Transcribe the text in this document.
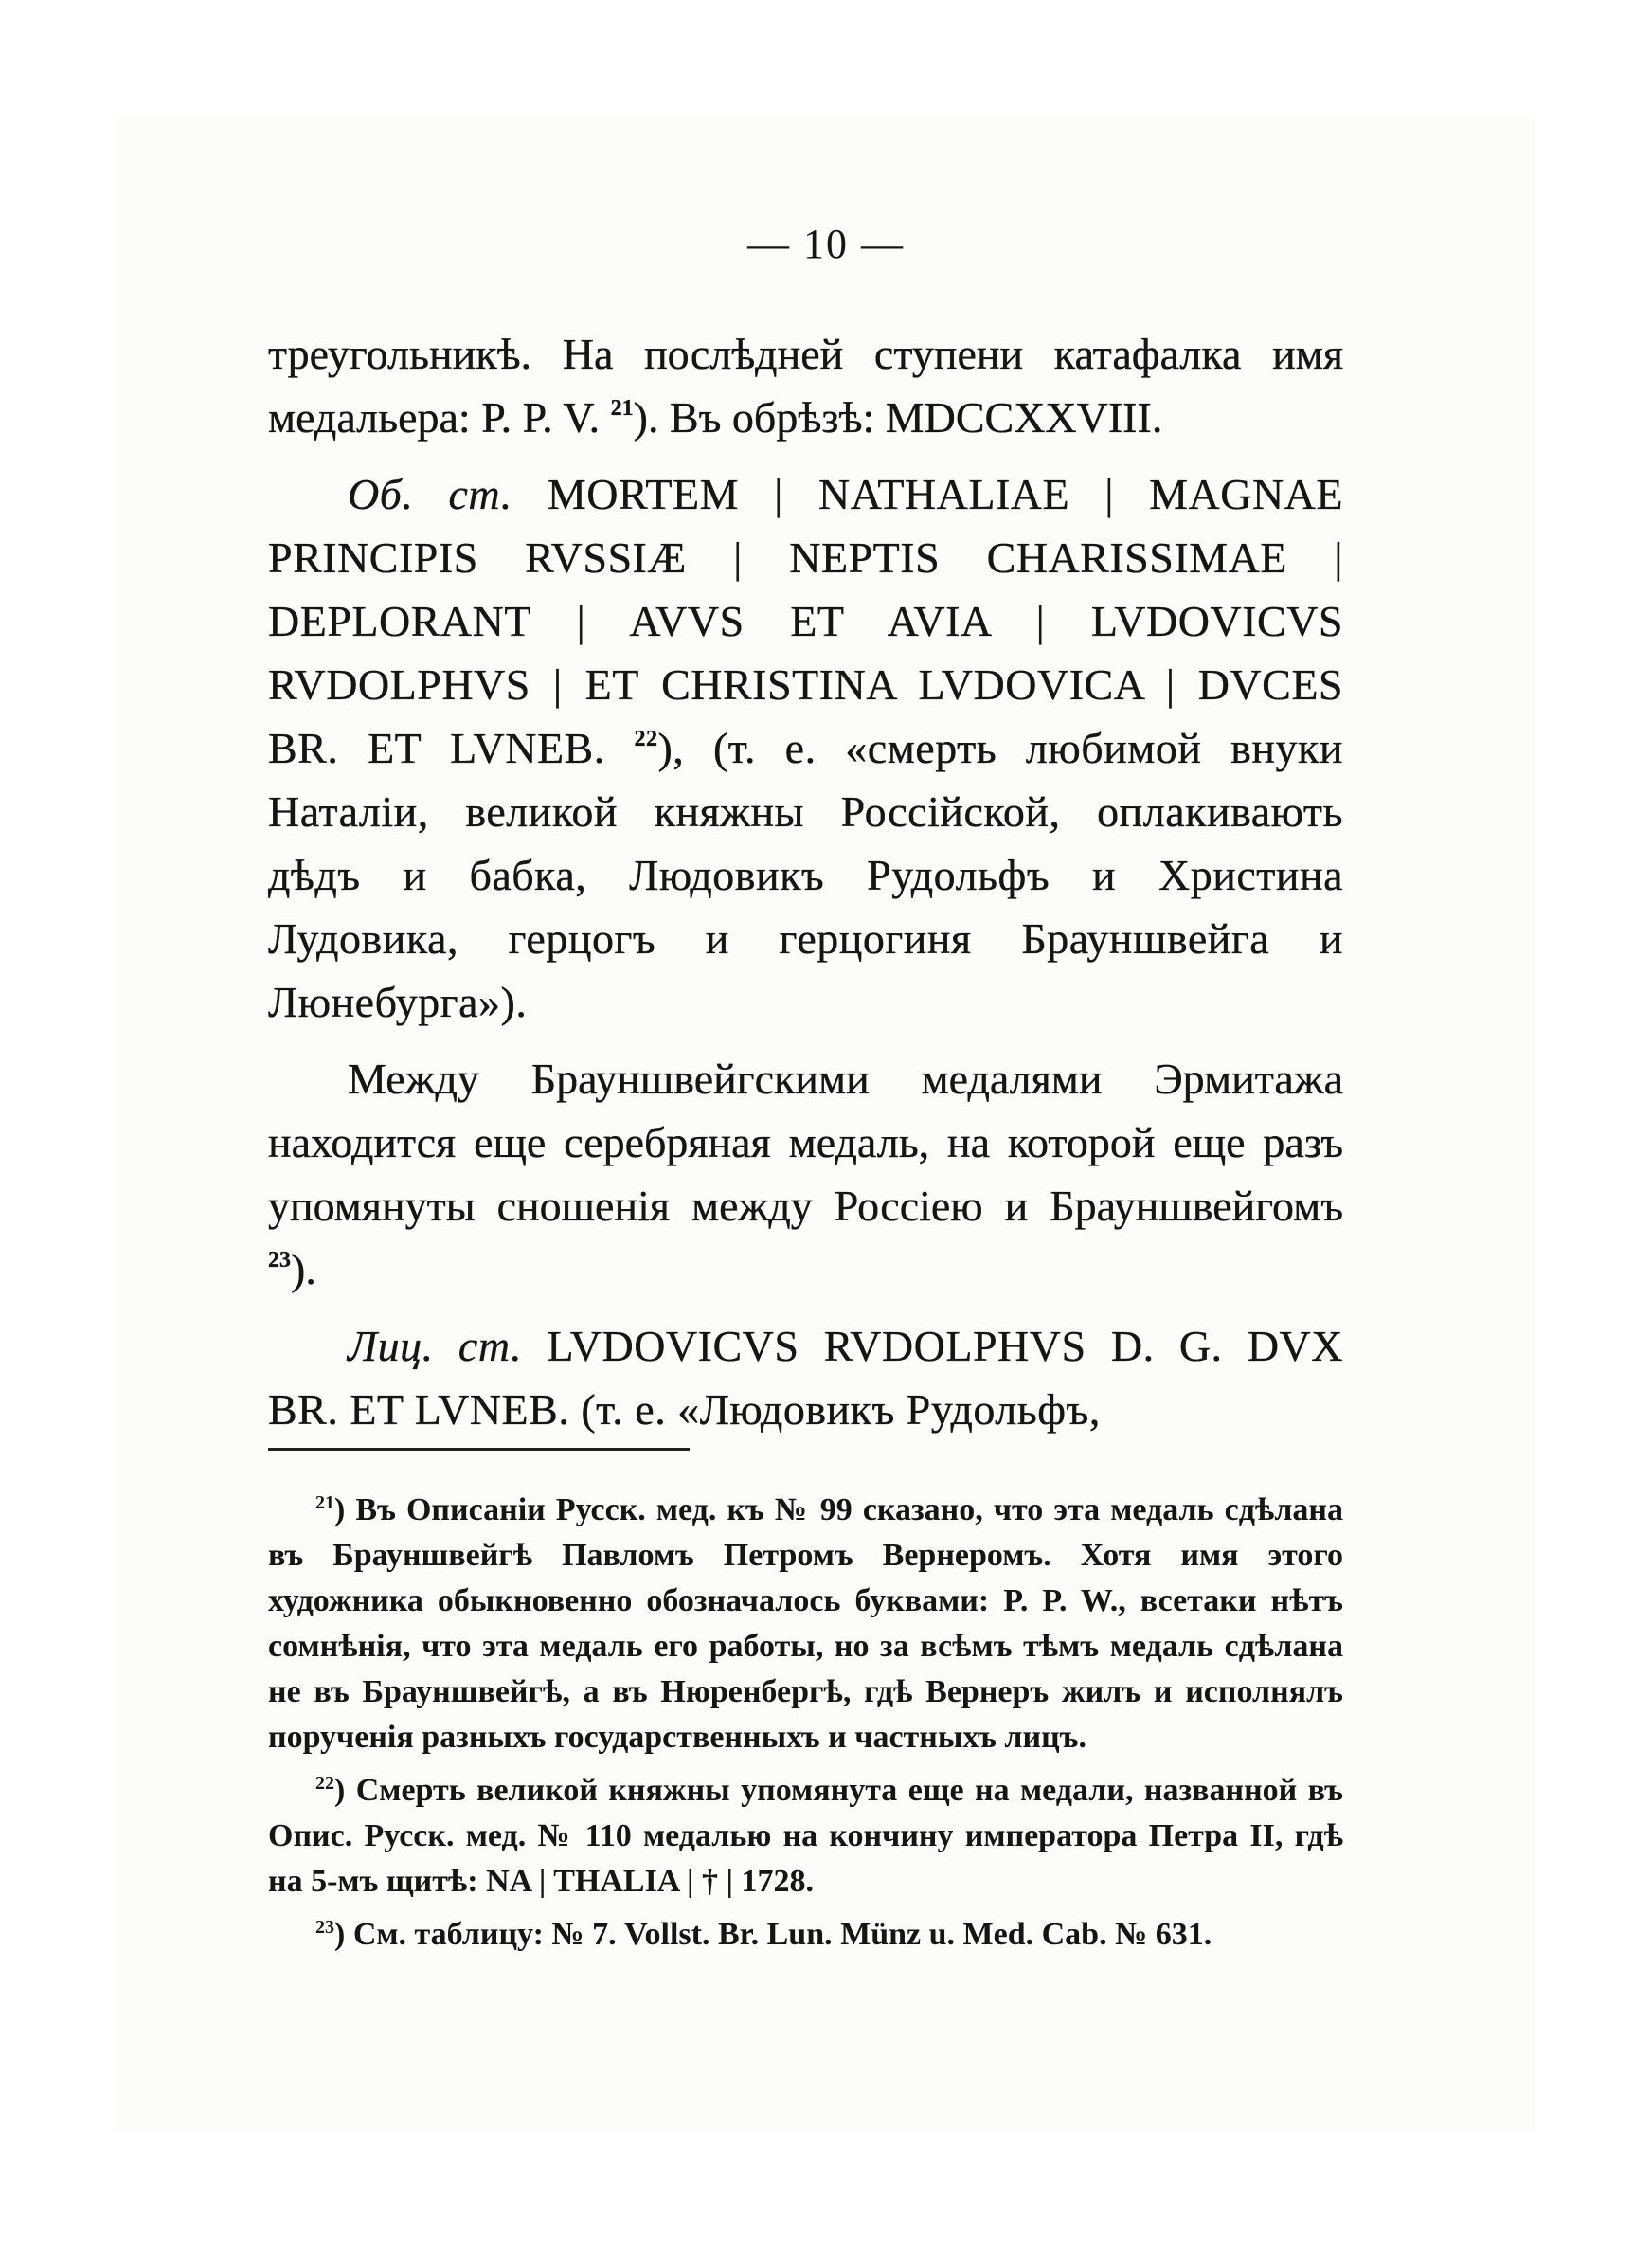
— 10 —

треугольникѣ. На послѣдней ступени катафалка имя медальера: P. P. V. $^{21}$). Въ обрѣзѣ: MDCCXXVIII.

Об. ст. MORTEM | NATHALIAE | MAGNAE PRINCIPIS RVSSIÆ | NEPTIS CHARISSIMAE | DEPLORANT | AVVS ET AVIA | LVDOVICVS RVDOLPHVS | ET CHRISTINA LVDOVICA | DVCES BR. ET LVNEB. $^{22}$), (т. е. «смерть любимой внуки Наталіи, великой княжны Россійской, оплакивають дѣдъ и бабка, Людовикъ Рудольфъ и Христина Лудовика, герцогъ и герцогиня Брауншвейга и Люнебурга»).

Между Брауншвейгскими медалями Эрмитажа находится еще серебряная медаль, на которой еще разъ упомянуты сношенія между Россіею и Брауншвейгомъ $^{23}$).

Лиц. ст. LVDOVICVS RVDOLPHVS D. G. DVX BR. ET LVNEB. (т. е. «Людовикъ Рудольфъ,

$^{21}$) Въ Описаніи Русск. мед. къ № 99 сказано, что эта медаль сдѣлана въ Брауншвейгѣ Павломъ Петромъ Вернеромъ. Хотя имя этого художника обыкновенно обозначалось буквами: P. P. W., всетаки нѣтъ сомнѣнія, что эта медаль его работы, но за всѣмъ тѣмъ медаль сдѣлана не въ Брауншвейгѣ, а въ Нюренбергѣ, гдѣ Вернеръ жилъ и исполнялъ порученія разныхъ государственныхъ и частныхъ лицъ.

$^{22}$) Смерть великой княжны упомянута еще на медали, названной въ Опис. Русск. мед. № 110 медалью на кончину императора Петра II, гдѣ на 5-мъ щитѣ: NA | THALIA | † | 1728.

$^{23}$) См. таблицу: № 7. Vollst. Br. Lun. Münz u. Med. Cab. № 631.
